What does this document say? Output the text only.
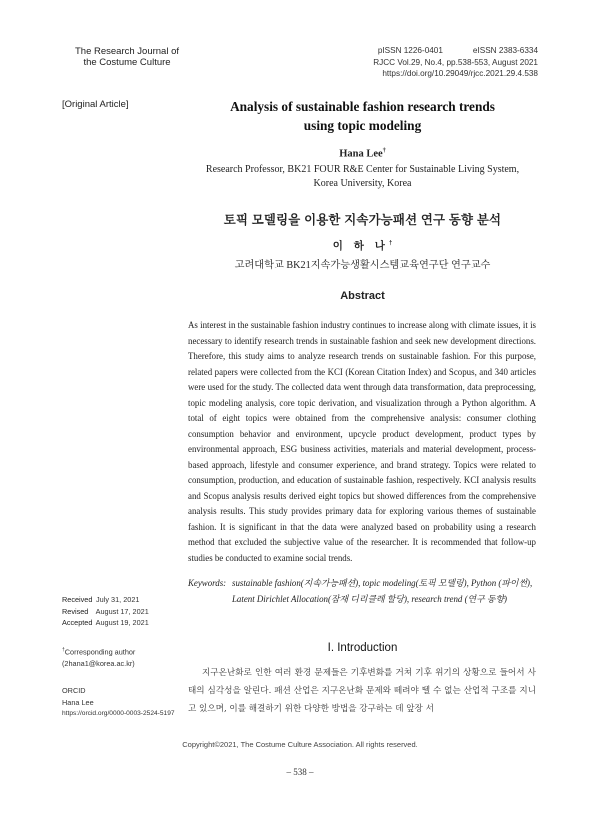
The Research Journal of
the Costume Culture
pISSN 1226-0401	eISSN 2383-6334
RJCC Vol.29, No.4, pp.538-553, August 2021
https://doi.org/10.29049/rjcc.2021.29.4.538
[Original Article]	Analysis of sustainable fashion research trends
using topic modeling
Hana Lee†
Research Professor, BK21 FOUR R&E Center for Sustainable Living System,
Korea University, Korea
토픽 모델링을 이용한 지속가능패션 연구 동향 분석
이 하 나†
고려대학교 BK21지속가능생활시스템교육연구단 연구교수
Abstract
As interest in the sustainable fashion industry continues to increase along with climate issues, it is necessary to identify research trends in sustainable fashion and seek new development directions. Therefore, this study aims to analyze research trends on sustainable fashion. For this purpose, related papers were collected from the KCI (Korean Citation Index) and Scopus, and 340 articles were used for the study. The collected data went through data transformation, data preprocessing, topic modeling analysis, core topic derivation, and visualization through a Python algorithm. A total of eight topics were obtained from the comprehensive analysis: consumer clothing consumption behavior and environment, upcycle product development, product types by environmental approach, ESG business activities, materials and material development, process-based approach, lifestyle and consumer experience, and brand strategy. Topics were related to consumption, production, and education of sustainable fashion, respectively. KCI analysis results and Scopus analysis results derived eight topics but showed differences from the comprehensive analysis results. This study provides primary data for exploring various themes of sustainable fashion. It is significant in that the data were analyzed based on probability using a research method that excluded the subjective value of the researcher. It is recommended that follow-up studies be conducted to examine social trends.
Keywords: sustainable fashion(지속가능패션), topic modeling(토픽 모델링), Python (파이썬), Latent Dirichlet Allocation(잠재 디리클레 할당), research trend (연구 동향)
Received July 31, 2021
Revised August 17, 2021
Accepted August 19, 2021
†Corresponding author
(2hana1@korea.ac.kr)
ORCID
Hana Lee
https://orcid.org/0000-0003-2524-5197
I. Introduction
지구온난화로 인한 여러 환경 문제들은 기후변화를 거쳐 기후 위기의 상황으로 들어서 사태의 심각성을 알린다. 패션 산업은 지구온난화 문제와 떼려야 뗄 수 없는 산업적 구조를 지니고 있으며, 이를 해결하기 위한 다양한 방법을 강구하는 데 앞장 서
Copyright©2021, The Costume Culture Association. All rights reserved.
– 538 –
